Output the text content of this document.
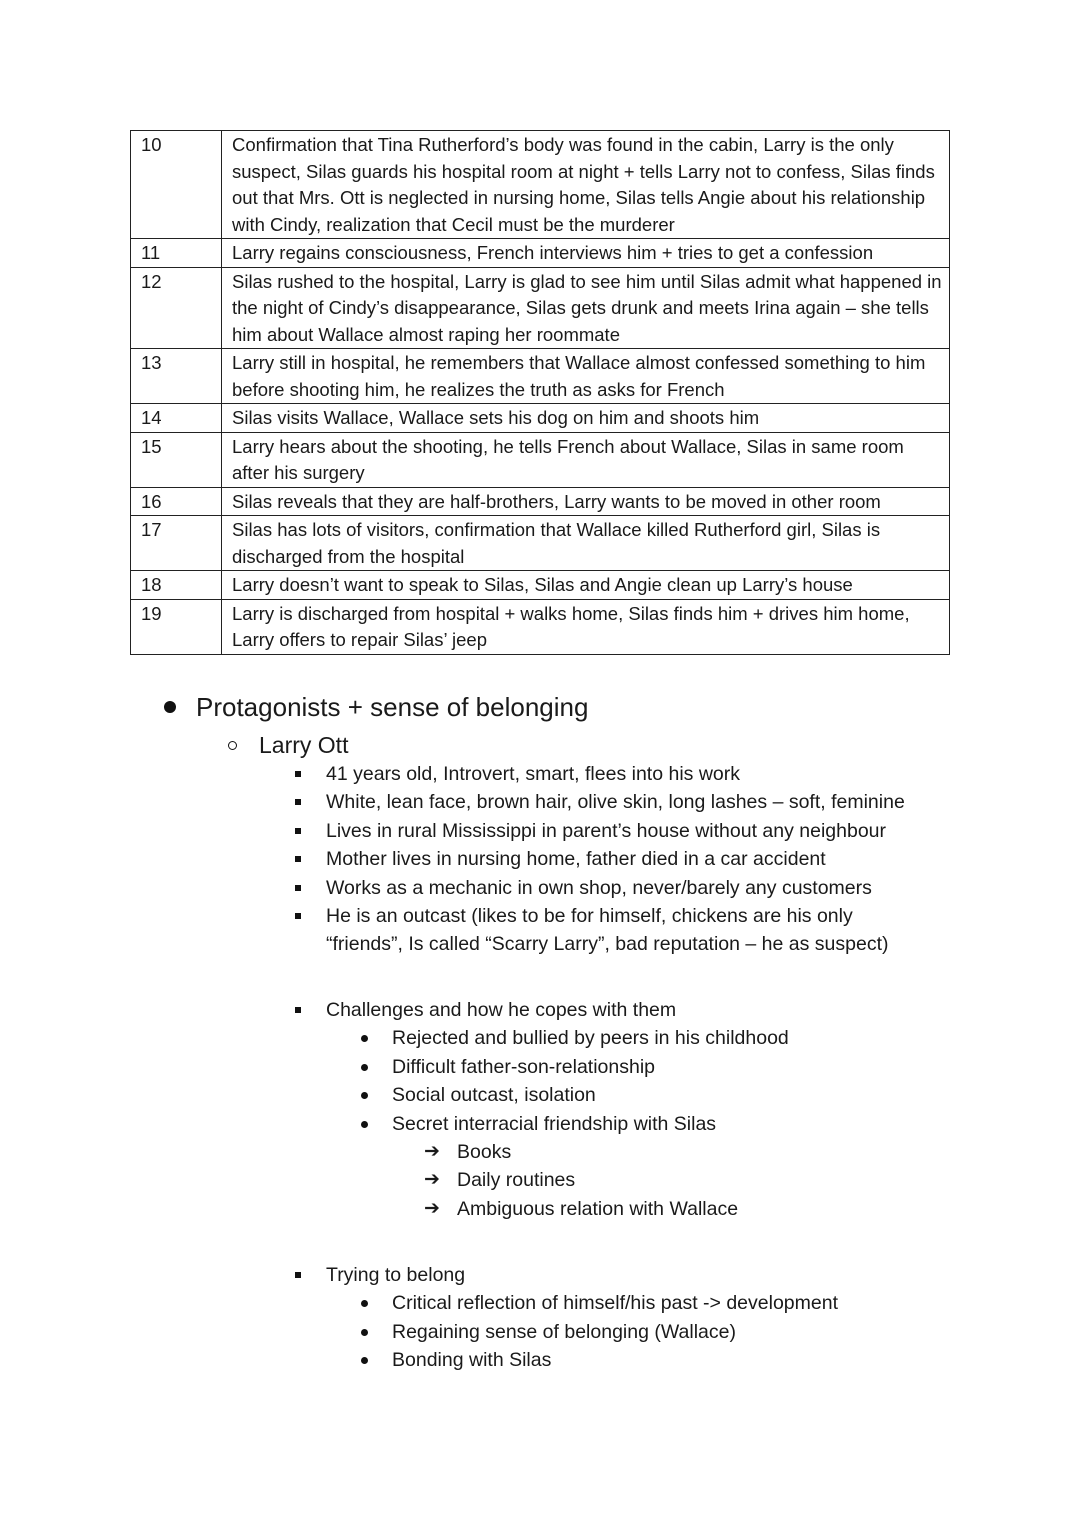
10	Confirmation that Tina Rutherford’s body was found in the cabin, Larry is the only suspect, Silas guards his hospital room at night + tells Larry not to confess, Silas finds out that Mrs. Ott is neglected in nursing home, Silas tells Angie about his relationship with Cindy, realization that Cecil must be the murderer
11	Larry regains consciousness, French interviews him + tries to get a confession
12	Silas rushed to the hospital, Larry is glad to see him until Silas admit what happened in the night of Cindy’s disappearance, Silas gets drunk and meets Irina again – she tells him about Wallace almost raping her roommate
13	Larry still in hospital, he remembers that Wallace almost confessed something to him before shooting him, he realizes the truth as asks for French
14	Silas visits Wallace, Wallace sets his dog on him and shoots him
15	Larry hears about the shooting, he tells French about Wallace, Silas in same room after his surgery
16	Silas reveals that they are half-brothers, Larry wants to be moved in other room
17	Silas has lots of visitors, confirmation that Wallace killed Rutherford girl, Silas is discharged from the hospital
18	Larry doesn’t want to speak to Silas, Silas and Angie clean up Larry’s house
19	Larry is discharged from hospital + walks home, Silas finds him + drives him home, Larry offers to repair Silas’ jeep
Protagonists + sense of belonging
Larry Ott
41 years old, Introvert, smart, flees into his work
White, lean face, brown hair, olive skin, long lashes – soft, feminine
Lives in rural Mississippi in parent’s house without any neighbour
Mother lives in nursing home, father died in a car accident
Works as a mechanic in own shop, never/barely any customers
He is an outcast (likes to be for himself, chickens are his only
“friends”, Is called “Scarry Larry”, bad reputation – he as suspect)
Challenges and how he copes with them
Rejected and bullied by peers in his childhood
Difficult father-son-relationship
Social outcast, isolation
Secret interracial friendship with Silas
➔ Books
➔ Daily routines
➔ Ambiguous relation with Wallace
Trying to belong
Critical reflection of himself/his past -> development
Regaining sense of belonging (Wallace)
Bonding with Silas
